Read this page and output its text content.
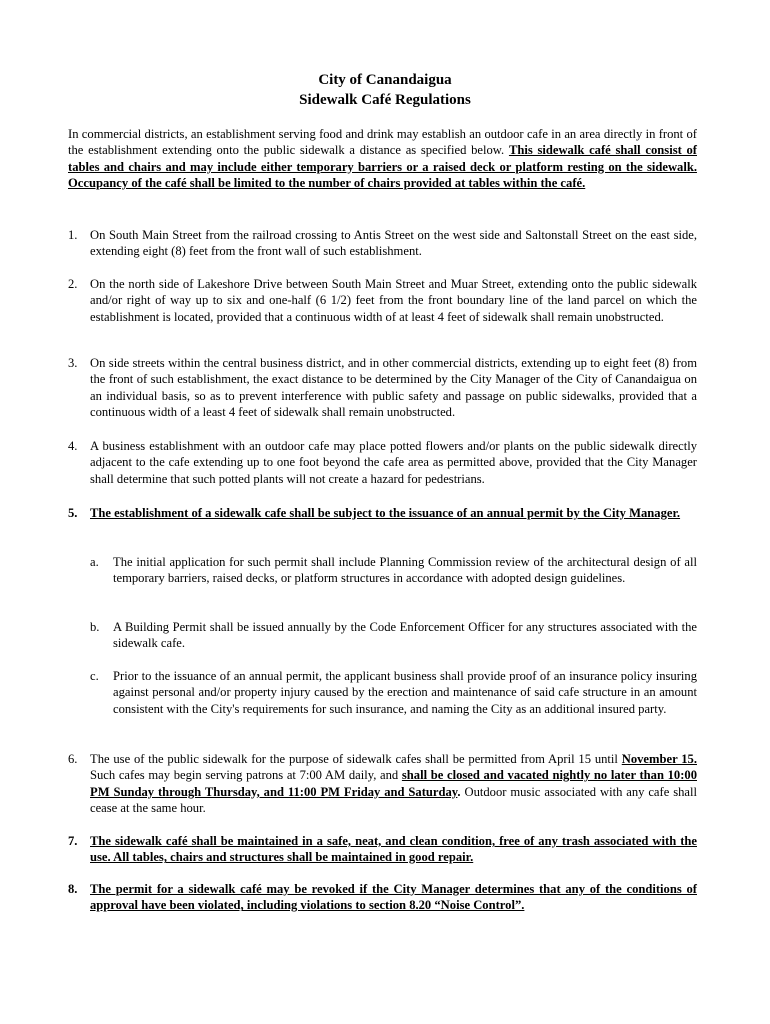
City of Canandaigua
Sidewalk Café Regulations
In commercial districts, an establishment serving food and drink may establish an outdoor cafe in an area directly in front of the establishment extending onto the public sidewalk a distance as specified below. This sidewalk café shall consist of tables and chairs and may include either temporary barriers or a raised deck or platform resting on the sidewalk. Occupancy of the café shall be limited to the number of chairs provided at tables within the café.
1. On South Main Street from the railroad crossing to Antis Street on the west side and Saltonstall Street on the east side, extending eight (8) feet from the front wall of such establishment.
2. On the north side of Lakeshore Drive between South Main Street and Muar Street, extending onto the public sidewalk and/or right of way up to six and one-half (6 1/2) feet from the front boundary line of the land parcel on which the establishment is located, provided that a continuous width of at least 4 feet of sidewalk shall remain unobstructed.
3. On side streets within the central business district, and in other commercial districts, extending up to eight feet (8) from the front of such establishment, the exact distance to be determined by the City Manager of the City of Canandaigua on an individual basis, so as to prevent interference with public safety and passage on public sidewalks, provided that a continuous width of a least 4 feet of sidewalk shall remain unobstructed.
4. A business establishment with an outdoor cafe may place potted flowers and/or plants on the public sidewalk directly adjacent to the cafe extending up to one foot beyond the cafe area as permitted above, provided that the City Manager shall determine that such potted plants will not create a hazard for pedestrians.
5. The establishment of a sidewalk cafe shall be subject to the issuance of an annual permit by the City Manager.
a. The initial application for such permit shall include Planning Commission review of the architectural design of all temporary barriers, raised decks, or platform structures in accordance with adopted design guidelines.
b. A Building Permit shall be issued annually by the Code Enforcement Officer for any structures associated with the sidewalk cafe.
c. Prior to the issuance of an annual permit, the applicant business shall provide proof of an insurance policy insuring against personal and/or property injury caused by the erection and maintenance of said cafe structure in an amount consistent with the City's requirements for such insurance, and naming the City as an additional insured party.
6. The use of the public sidewalk for the purpose of sidewalk cafes shall be permitted from April 15 until November 15. Such cafes may begin serving patrons at 7:00 AM daily, and shall be closed and vacated nightly no later than 10:00 PM Sunday through Thursday, and 11:00 PM Friday and Saturday. Outdoor music associated with any cafe shall cease at the same hour.
7. The sidewalk café shall be maintained in a safe, neat, and clean condition, free of any trash associated with the use. All tables, chairs and structures shall be maintained in good repair.
8. The permit for a sidewalk café may be revoked if the City Manager determines that any of the conditions of approval have been violated, including violations to section 8.20 “Noise Control”.
